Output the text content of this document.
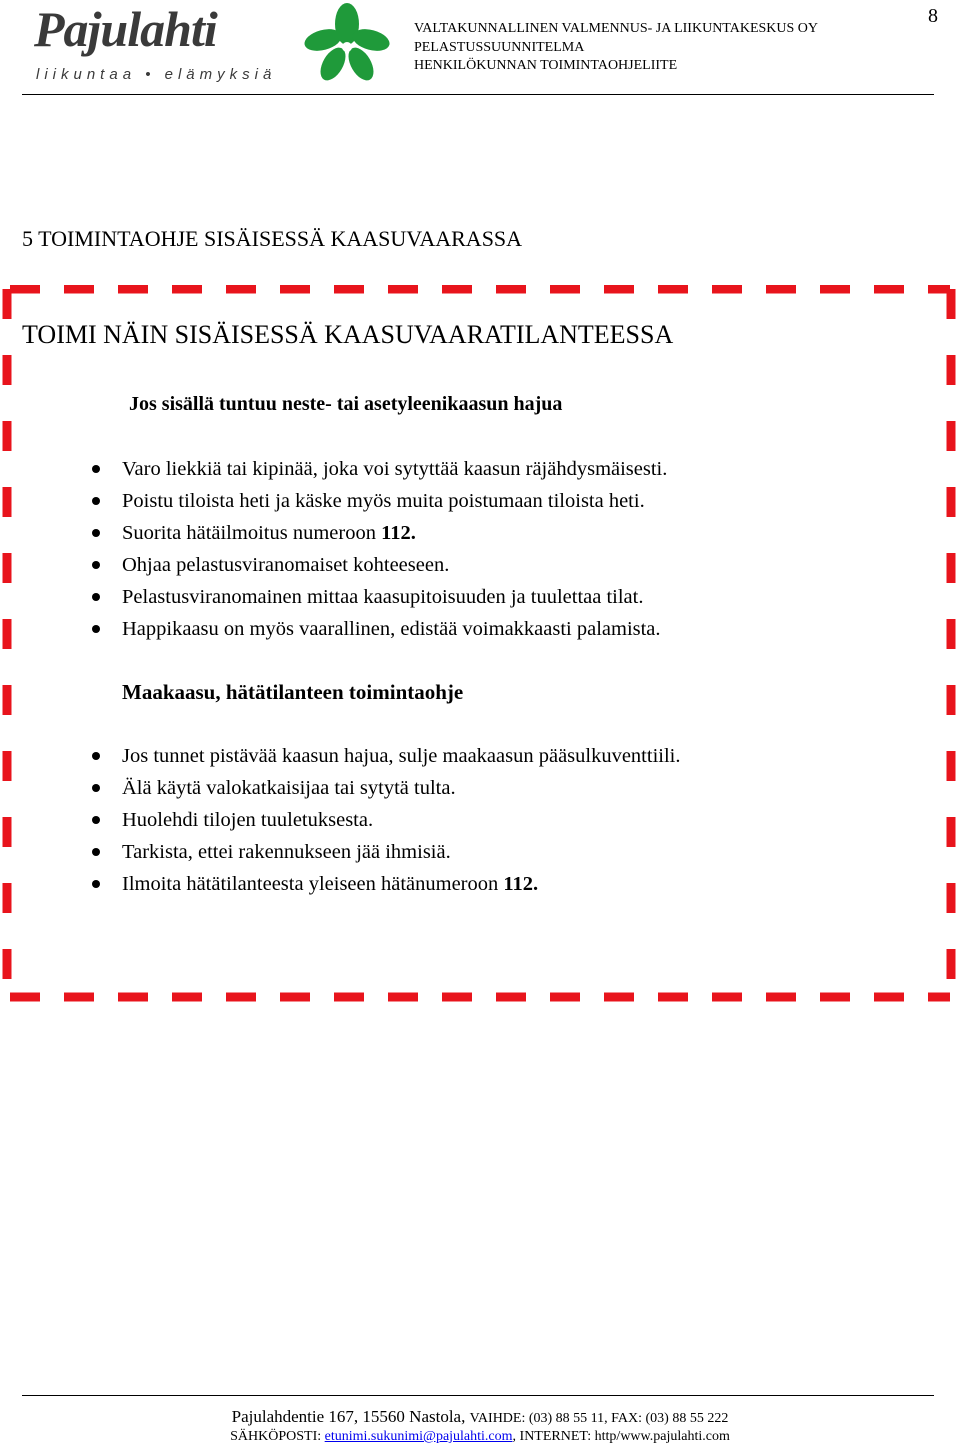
Pajulahti
liikuntaa • elämyksiä
VALTAKUNNALLINEN VALMENNUS- JA LIIKUNTAKESKUS OY
PELASTUSSUUNNITELMA
HENKILÖKUNNAN TOIMINTAOHJELIITE
8
5 TOIMINTAOHJE SISÄISESSÄ KAASUVAARASSA
TOIMI NÄIN SISÄISESSÄ KAASUVAARATILANTEESSA
Jos sisällä tuntuu neste- tai asetyleenikaasun hajua
Varo liekkiä tai kipinää, joka voi sytyttää kaasun räjähdysmäisesti.
Poistu tiloista heti ja käske myös muita poistumaan tiloista heti.
Suorita hätäilmoitus numeroon 112.
Ohjaa pelastusviranomaiset kohteeseen.
Pelastusviranomainen mittaa kaasupitoisuuden ja tuulettaa tilat.
Happikaasu on myös vaarallinen, edistää voimakkaasti palamista.
Maakaasu, hätätilanteen toimintaohje
Jos tunnet pistävää kaasun hajua, sulje maakaasun pääsulkuventtiili.
Älä käytä valokatkaisijaa tai sytytä tulta.
Huolehdi tilojen tuuletuksesta.
Tarkista, ettei rakennukseen jää ihmisiä.
Ilmoita hätätilanteesta yleiseen hätänumeroon 112.
Pajulahdentie 167, 15560 Nastola, VAIHDE: (03) 88 55 11, FAX: (03) 88 55 222
SÄHKÖPOSTI: etunimi.sukunimi@pajulahti.com, INTERNET: http/www.pajulahti.com
